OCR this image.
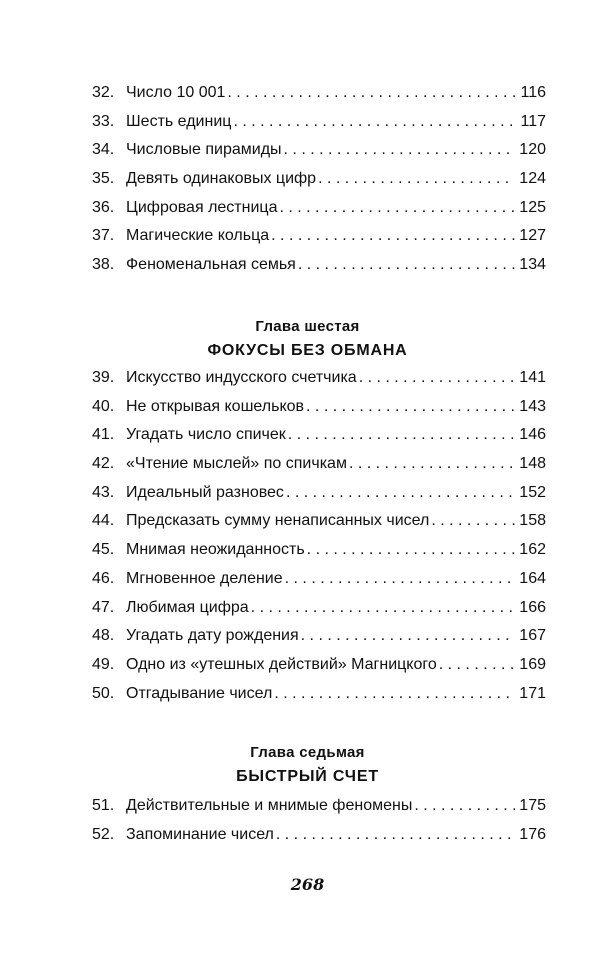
32. Число 10 001 . . .	116
33. Шесть единиц . . .	117
34. Числовые пирамиды . . .	120
35. Девять одинаковых цифр . . .	124
36. Цифровая лестница . . .	125
37. Магические кольца . . .	127
38. Феноменальная семья . . .	134
Глава шестая
ФОКУСЫ БЕЗ ОБМАНА
39. Искусство индусского счетчика . . .	141
40. Не открывая кошельков . . .	143
41. Угадать число спичек . . .	146
42. «Чтение мыслей» по спичкам . . .	148
43. Идеальный разновес . . .	152
44. Предсказать сумму ненаписанных чисел . . .	158
45. Мнимая неожиданность . . .	162
46. Мгновенное деление . . .	164
47. Любимая цифра . . .	166
48. Угадать дату рождения . . .	167
49. Одно из «утешных действий» Магницкого . . .	169
50. Отгадывание чисел . . .	171
Глава седьмая
БЫСТРЫЙ СЧЕТ
51. Действительные и мнимые феномены . . .	175
52. Запоминание чисел . . .	176
268
